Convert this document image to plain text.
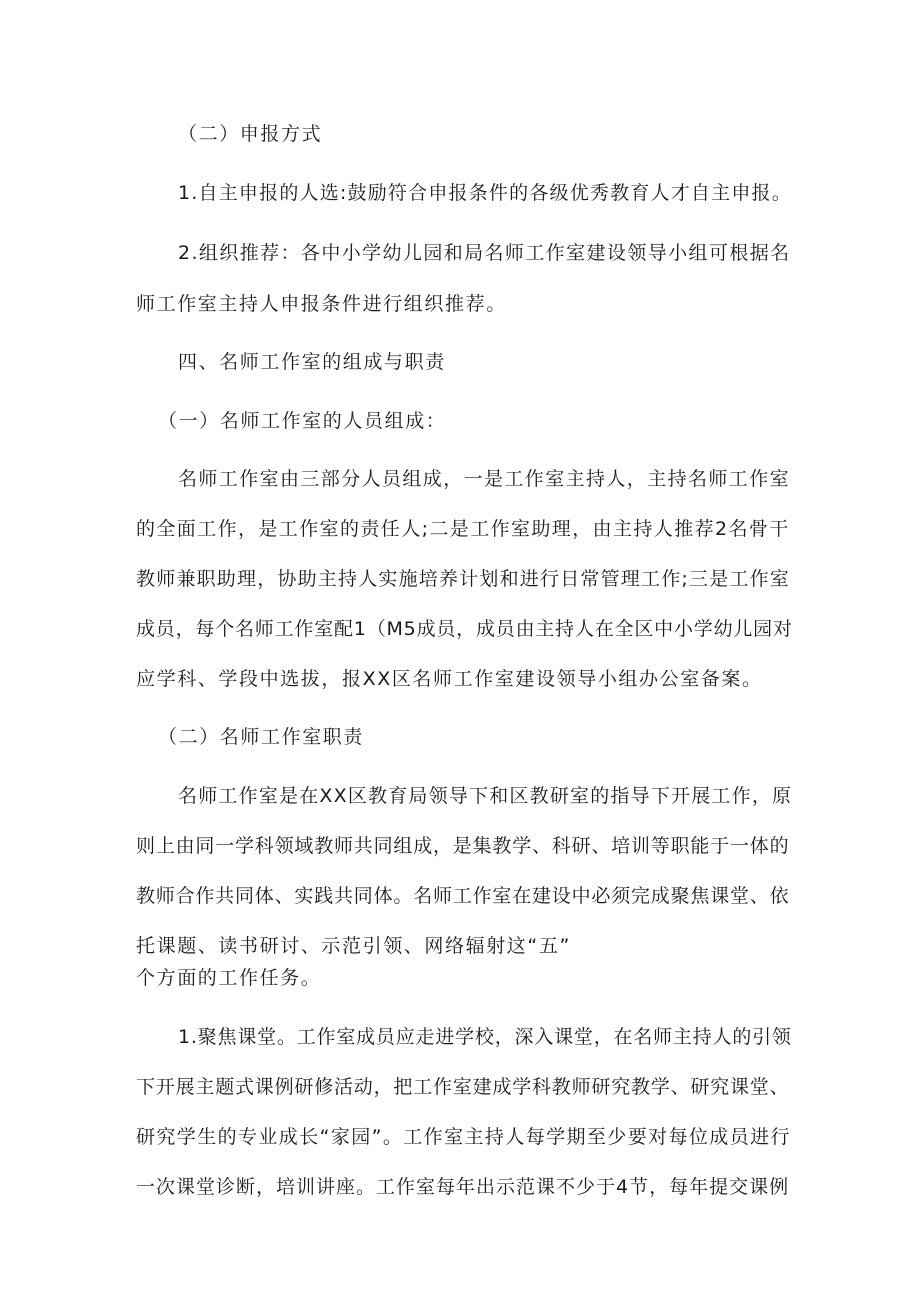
（二）申报方式
1.自主申报的人选:鼓励符合申报条件的各级优秀教育人才自主申报。
2.组织推荐：各中小学幼儿园和局名师工作室建设领导小组可根据名
师工作室主持人申报条件进行组织推荐。
四、名师工作室的组成与职责
（一）名师工作室的人员组成：
名师工作室由三部分人员组成，一是工作室主持人，主持名师工作室
的全面工作，是工作室的责任人;二是工作室助理，由主持人推荐2名骨干
教师兼职助理，协助主持人实施培养计划和进行日常管理工作;三是工作室
成员，每个名师工作室配1（M5成员，成员由主持人在全区中小学幼儿园对
应学科、学段中选拔，报XX区名师工作室建设领导小组办公室备案。
（二）名师工作室职责
名师工作室是在XX区教育局领导下和区教研室的指导下开展工作，原
则上由同一学科领域教师共同组成，是集教学、科研、培训等职能于一体的
教师合作共同体、实践共同体。名师工作室在建设中必须完成聚焦课堂、依
托课题、读书研讨、示范引领、网络辐射这“五”
个方面的工作任务。
1.聚焦课堂。工作室成员应走进学校，深入课堂，在名师主持人的引领
下开展主题式课例研修活动，把工作室建成学科教师研究教学、研究课堂、
研究学生的专业成长“家园”。工作室主持人每学期至少要对每位成员进行
一次课堂诊断，培训讲座。工作室每年出示范课不少于4节，每年提交课例
